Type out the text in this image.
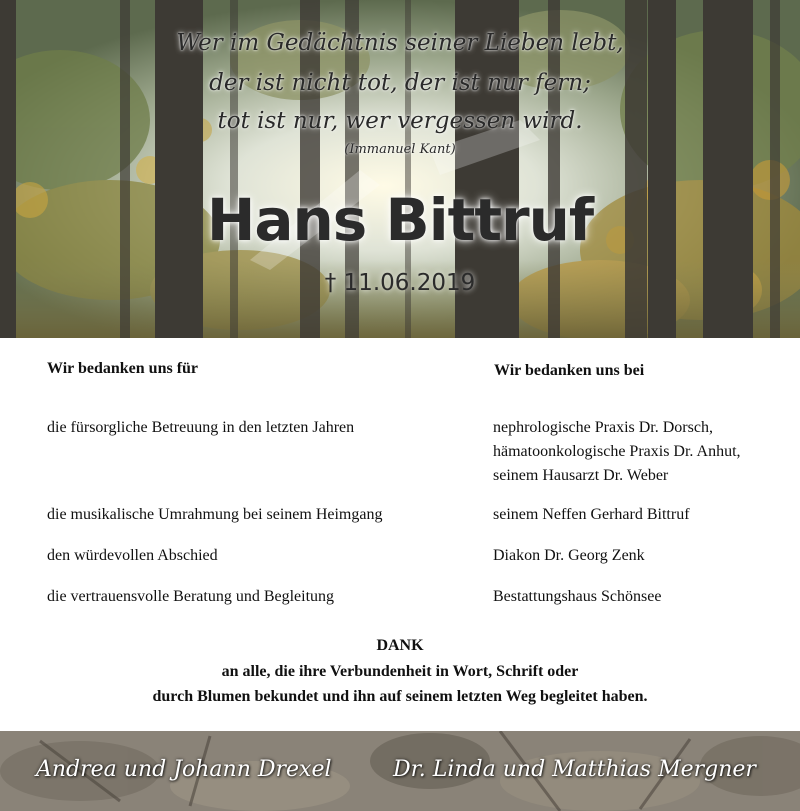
Wer im Gedächtnis seiner Lieben lebt,
der ist nicht tot, der ist nur fern;
tot ist nur, wer vergessen wird.
(Immanuel Kant)
Hans Bittruf
† 11.06.2019
Wir bedanken uns für	Wir bedanken uns bei
die fürsorgliche Betreuung in den letzten Jahren
die musikalische Umrahmung bei seinem Heimgang
den würdevollen Abschied
die vertrauensvolle Beratung und Begleitung
nephrologische Praxis Dr. Dorsch,
hämatoonkologische Praxis Dr. Anhut,
seinem Hausarzt Dr. Weber
seinem Neffen Gerhard Bittruf
Diakon Dr. Georg Zenk
Bestattungshaus Schönsee
DANK
an alle, die ihre Verbundenheit in Wort, Schrift oder
durch Blumen bekundet und ihn auf seinem letzten Weg begleitet haben.
Andrea und Johann Drexel	Dr. Linda und Matthias Mergner
